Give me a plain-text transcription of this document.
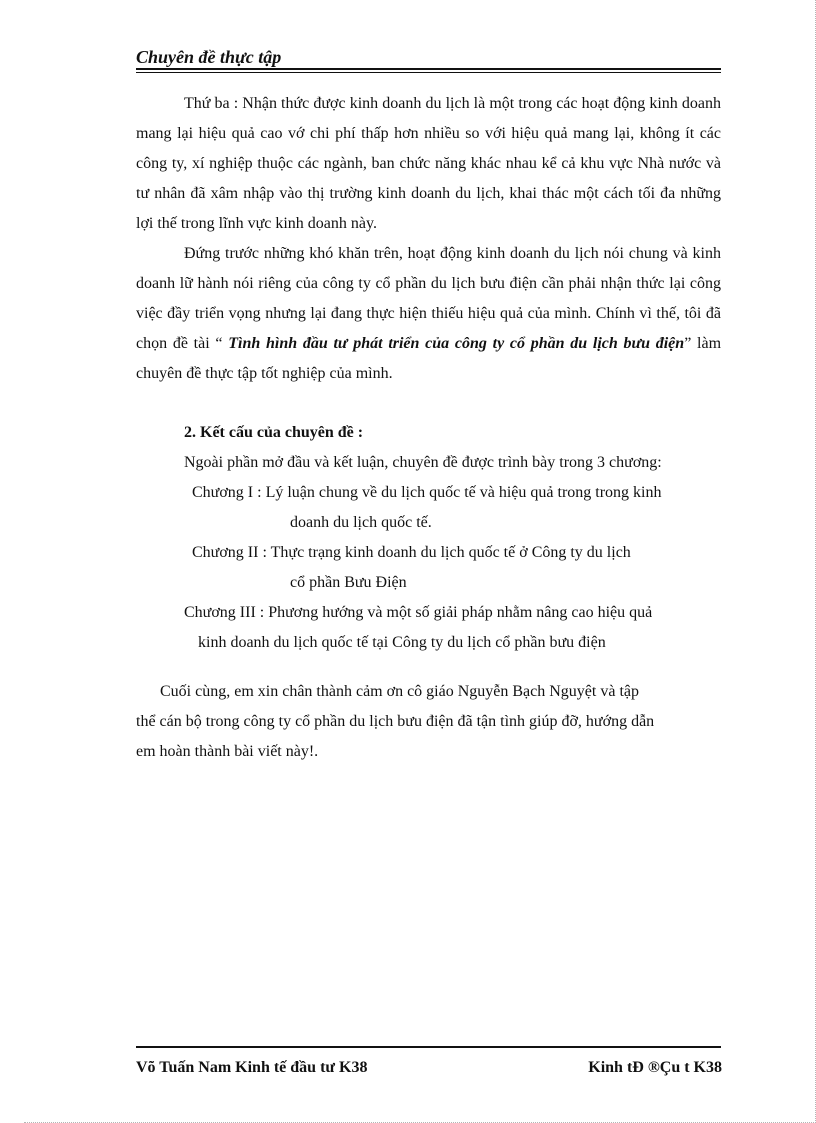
Chuyên đề thực tập

Thứ ba : Nhận thức được kinh doanh du lịch là một trong các hoạt động kinh doanh mang lại hiệu quả cao vớ chi phí thấp hơn nhiều so với hiệu quả mang lại, không ít các công ty, xí nghiệp thuộc các ngành, ban chức năng khác nhau kể cả khu vực Nhà nước và tư nhân đã xâm nhập vào thị trường kinh doanh du lịch, khai thác một cách tối đa những lợi thế trong lĩnh vực kinh doanh này.

Đứng trước những khó khăn trên, hoạt động kinh doanh du lịch nói chung và kinh doanh lữ hành nói riêng của công ty cổ phần du lịch bưu điện cần phải nhận thức lại công việc đầy triển vọng nhưng lại đang thực hiện thiếu hiệu quả của mình. Chính vì thế, tôi đã chọn đề tài “ Tình hình đầu tư phát triển của công ty cổ phần du lịch bưu điện” làm chuyên đề thực tập tốt nghiệp của mình.

2. Kết cấu của chuyên đề :
Ngoài phần mở đầu và kết luận, chuyên đề được trình bày trong 3 chương:
Chương I : Lý luận chung về du lịch quốc tế và hiệu quả trong trong kinh
doanh du lịch quốc tế.
Chương II : Thực trạng kinh doanh du lịch quốc tế ở Công ty du lịch
cổ phần Bưu Điện
Chương III : Phương hướng và một số giải pháp nhằm nâng cao hiệu quả
kinh doanh du lịch quốc tế tại Công ty du lịch cổ phần bưu điện
Cuối cùng, em xin chân thành cảm ơn cô giáo Nguyễn Bạch Nguyệt và tập
thể cán bộ trong công ty cổ phần du lịch bưu điện đã tận tình giúp đỡ, hướng dẫn
em hoàn thành bài viết này!.
Võ Tuấn Nam Kinh tế đầu tư K38	Kinh tÐ ®Çu t K38
